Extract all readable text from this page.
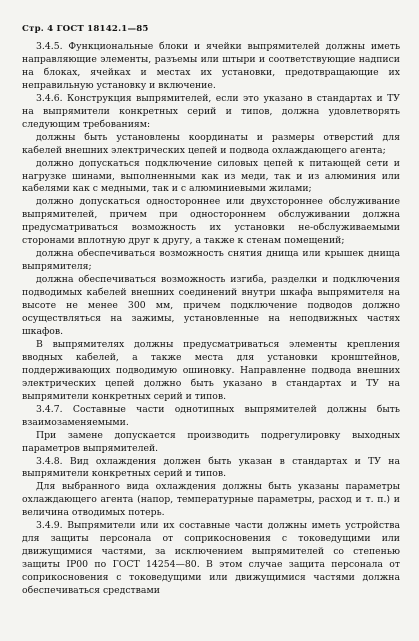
Стр. 4 ГОСТ 18142.1—85

3.4.5. Функциональные блоки и ячейки выпрямителей должны иметь направляющие элементы, разъемы или штыри и соответствующие надписи на блоках, ячейках и местах их установки, предотвращающие их неправильную установку и включение.

3.4.6. Конструкция выпрямителей, если это указано в стандартах и ТУ на выпрямители конкретных серий и типов, должна удовлетворять следующим требованиям:

должны быть установлены координаты и размеры отверстий для кабелей внешних электрических цепей и подвода охлаждающего агента;

должно допускаться подключение силовых цепей к питающей сети и нагрузке шинами, выполненными как из меди, так и из алюминия или кабелями как с медными, так и с алюминиевыми жилами;

должно допускаться одностороннее или двухстороннее обслуживание выпрямителей, причем при одностороннем обслуживании должна предусматриваться возможность их установки не-обслуживаемыми сторонами вплотную друг к другу, а также к стенам помещений;

должна обеспечиваться возможность снятия днища или крышек днища выпрямителя;

должна обеспечиваться возможность изгиба, разделки и подключения подводимых кабелей внешних соединений внутри шкафа выпрямителя на высоте не менее 300 мм, причем подключение подводов должно осуществляться на зажимы, установленные на неподвижных частях шкафов.

В выпрямителях должны предусматриваться элементы крепления вводных кабелей, а также места для установки кронштейнов, поддерживающих подводимую ошиновку. Направленне подвода внешних электрических цепей должно быть указано в стандартах и ТУ на выпрямители конкретных серий и типов.

3.4.7. Составные части однотипных выпрямителей должны быть взаимозаменяемыми.

При замене допускается производить подрегулировку выходных параметров выпрямителей.

3.4.8. Вид охлаждения должен быть указан в стандартах и ТУ на выпрямители конкретных серий и типов.

Для выбранного вида охлаждения должны быть указаны параметры охлаждающего агента (напор, температурные параметры, расход и т. п.) и величина отводимых потерь.

3.4.9. Выпрямители или их составные части должны иметь устройства для защиты персонала от соприкосновения с токоведущими или движущимися частями, за исключением выпрямителей со степенью защиты IP00 по ГОСТ 14254—80. В этом случае защита персонала от соприкосновения с токоведущими или движущимися частями должна обеспечиваться средствами
